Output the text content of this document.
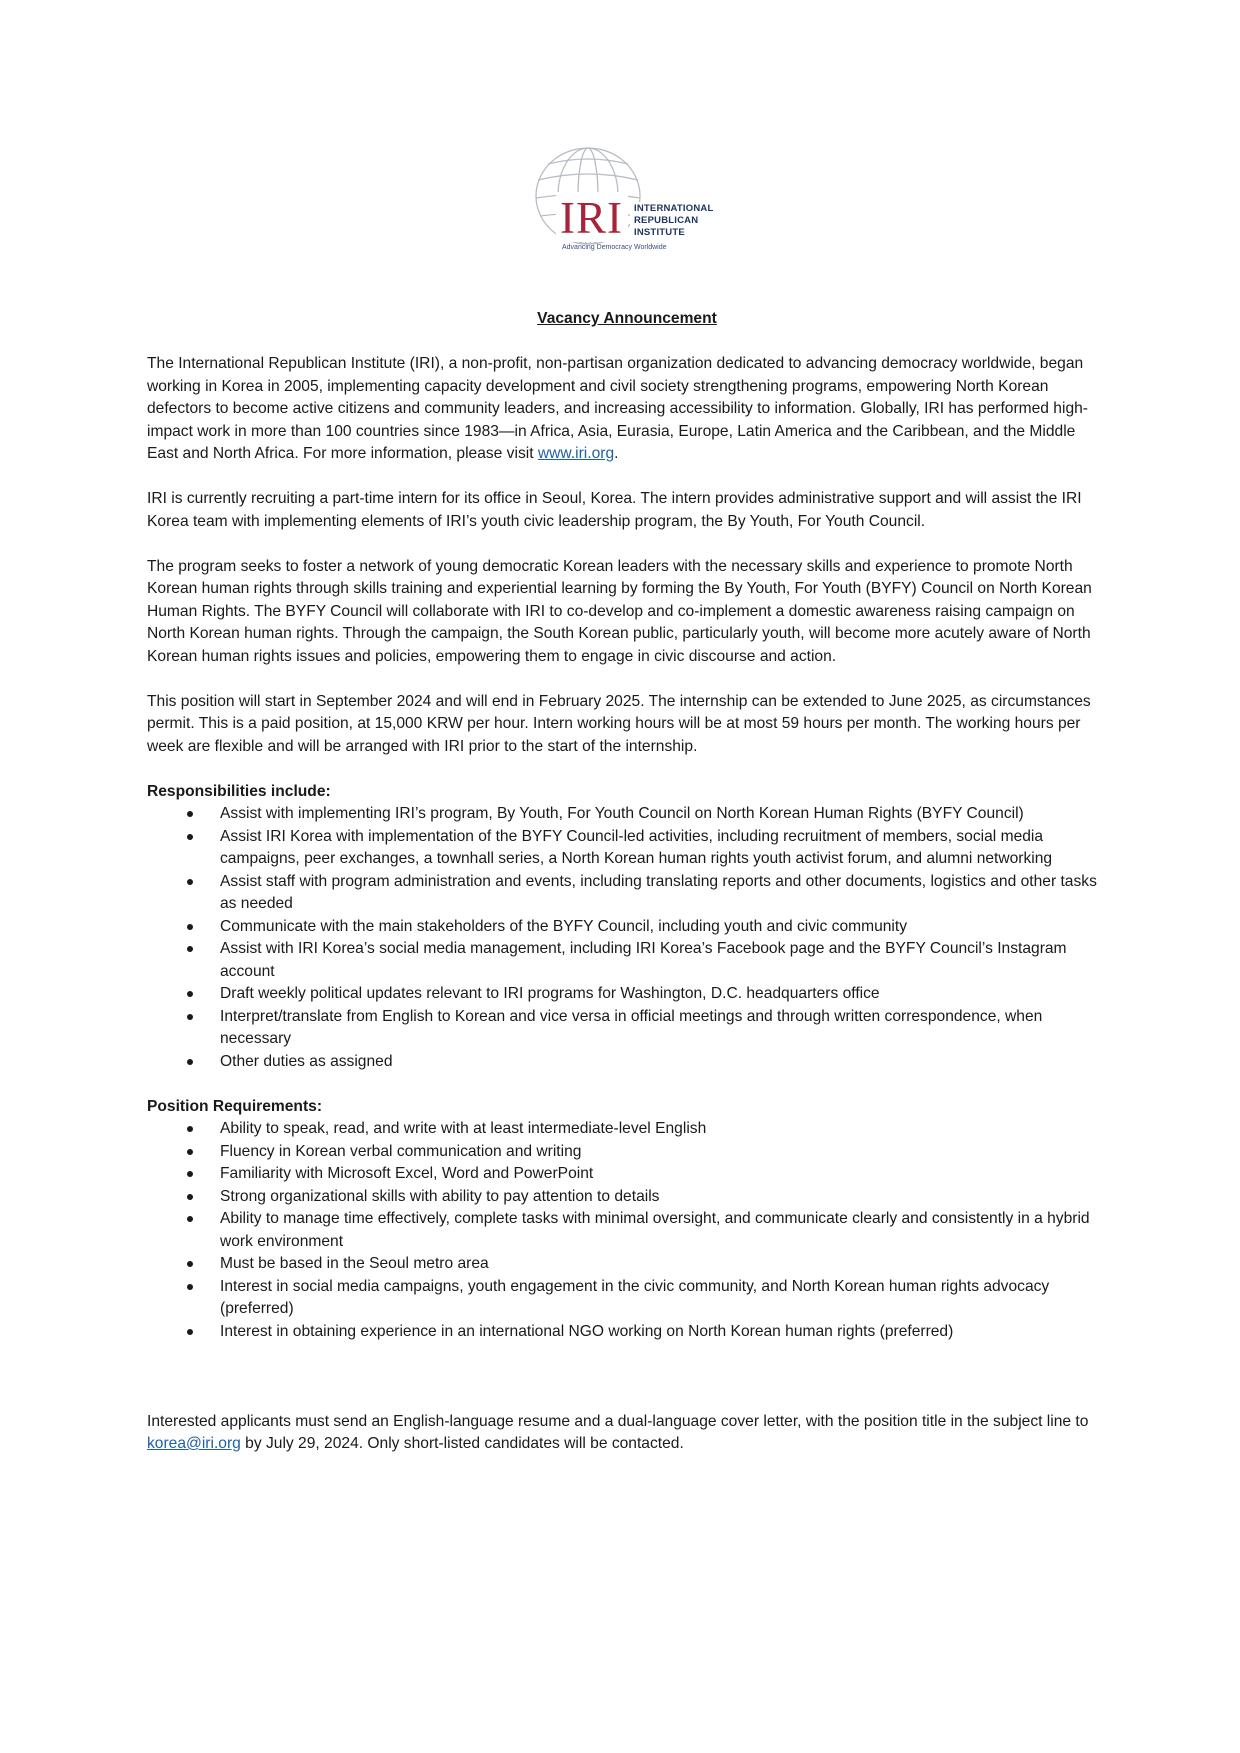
IRI INTERNATIONAL
REPUBLICAN
INSTITUTE
Advancing Democracy Worldwide
Vacancy Announcement

The International Republican Institute (IRI), a non-profit, non-partisan organization dedicated to advancing democracy worldwide, began working in Korea in 2005, implementing capacity development and civil society strengthening programs, empowering North Korean defectors to become active citizens and community leaders, and increasing accessibility to information. Globally, IRI has performed high-impact work in more than 100 countries since 1983—in Africa, Asia, Eurasia, Europe, Latin America and the Caribbean, and the Middle East and North Africa. For more information, please visit www.iri.org.

IRI is currently recruiting a part-time intern for its office in Seoul, Korea. The intern provides administrative support and will assist the IRI Korea team with implementing elements of IRI’s youth civic leadership program, the By Youth, For Youth Council.

The program seeks to foster a network of young democratic Korean leaders with the necessary skills and experience to promote North Korean human rights through skills training and experiential learning by forming the By Youth, For Youth (BYFY) Council on North Korean Human Rights. The BYFY Council will collaborate with IRI to co-develop and co-implement a domestic awareness raising campaign on North Korean human rights. Through the campaign, the South Korean public, particularly youth, will become more acutely aware of North Korean human rights issues and policies, empowering them to engage in civic discourse and action.

This position will start in September 2024 and will end in February 2025. The internship can be extended to June 2025, as circumstances permit. This is a paid position, at 15,000 KRW per hour. Intern working hours will be at most 59 hours per month. The working hours per week are flexible and will be arranged with IRI prior to the start of the internship.

Responsibilities include:
Assist with implementing IRI’s program, By Youth, For Youth Council on North Korean Human Rights (BYFY Council)
Assist IRI Korea with implementation of the BYFY Council-led activities, including recruitment of members, social media campaigns, peer exchanges, a townhall series, a North Korean human rights youth activist forum, and alumni networking
Assist staff with program administration and events, including translating reports and other documents, logistics and other tasks as needed
Communicate with the main stakeholders of the BYFY Council, including youth and civic community
Assist with IRI Korea’s social media management, including IRI Korea’s Facebook page and the BYFY Council’s Instagram account
Draft weekly political updates relevant to IRI programs for Washington, D.C. headquarters office
Interpret/translate from English to Korean and vice versa in official meetings and through written correspondence, when necessary
Other duties as assigned
Position Requirements:
Ability to speak, read, and write with at least intermediate-level English
Fluency in Korean verbal communication and writing
Familiarity with Microsoft Excel, Word and PowerPoint
Strong organizational skills with ability to pay attention to details
Ability to manage time effectively, complete tasks with minimal oversight, and communicate clearly and consistently in a hybrid work environment
Must be based in the Seoul metro area
Interest in social media campaigns, youth engagement in the civic community, and North Korean human rights advocacy (preferred)
Interest in obtaining experience in an international NGO working on North Korean human rights (preferred)

Interested applicants must send an English-language resume and a dual-language cover letter, with the position title in the subject line to korea@iri.org by July 29, 2024. Only short-listed candidates will be contacted.
